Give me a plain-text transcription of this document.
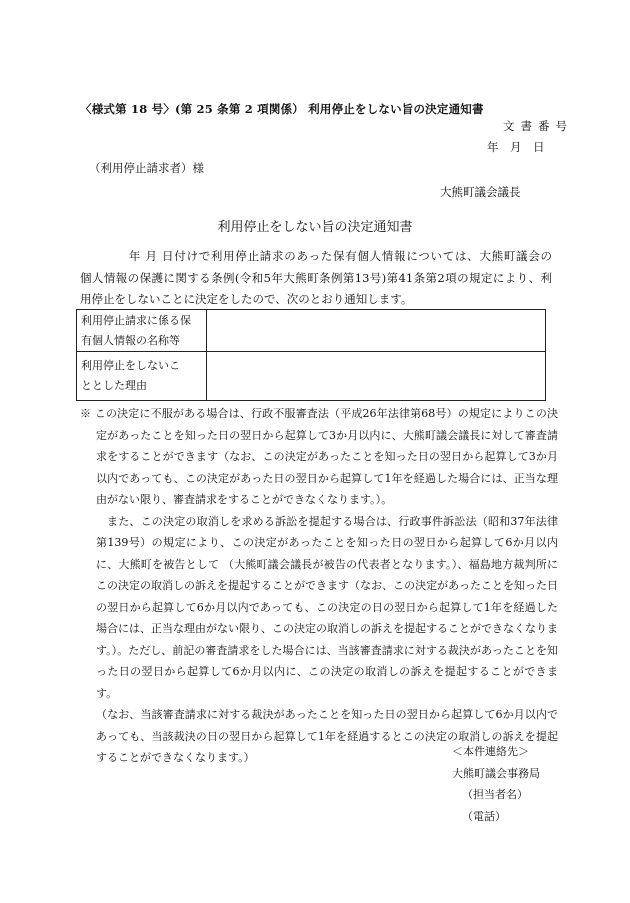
〈様式第 18 号〉(第 25 条第 2 項関係） 利用停止をしない旨の決定通知書
文書番号
年　月　日
（利用停止請求者）様
大熊町議会議長
利用停止をしない旨の決定通知書

　　　　年 月 日付けで利用停止請求のあった保有個人情報については、大熊町議会の

個人情報の保護に関する条例(令和5年大熊町条例第13号)第41条第2項の規定により、利

用停止をしないことに決定をしたので、次のとおり通知します。

利用停止請求に係る保
有個人情報の名称等	

利用停止をしないこ
ととした理由	

※ この決定に不服がある場合は、行政不服審査法（平成26年法律第68号）の規定によりこの決定があったことを知った日の翌日から起算して3か月以内に、大熊町議会議長に対して審査請求をすることができます（なお、この決定があったことを知った日の翌日から起算して3か月以内であっても、この決定があった日の翌日から起算して1年を経過した場合には、正当な理由がない限り、審査請求をすることができなくなります。）。

また、この決定の取消しを求める訴訟を提起する場合は、行政事件訴訟法（昭和37年法律第139号）の規定により、この決定があったことを知った日の翌日から起算して6か月以内に、大熊町を被告として （大熊町議会議長が被告の代表者となります。）、福島地方裁判所にこの決定の取消しの訴えを提起することができます（なお、この決定があったことを知った日の翌日から起算して6か月以内であっても、この決定の日の翌日から起算して1年を経過した場合には、正当な理由がない限り、この決定の取消しの訴えを提起することができなくなります。）。ただし、前記の審査請求をした場合には、当該審査請求に対する裁決があったことを知った日の翌日から起算して6か月以内に、この決定の取消しの訴えを提起することができます。

（なお、当該審査請求に対する裁決があったことを知った日の翌日から起算して6か月以内であっても、当該裁決の日の翌日から起算して1年を経過するとこの決定の取消しの訴えを提起することができなくなります。）	＜本件連絡先＞
大熊町議会事務局
（担当者名）
（電話）
